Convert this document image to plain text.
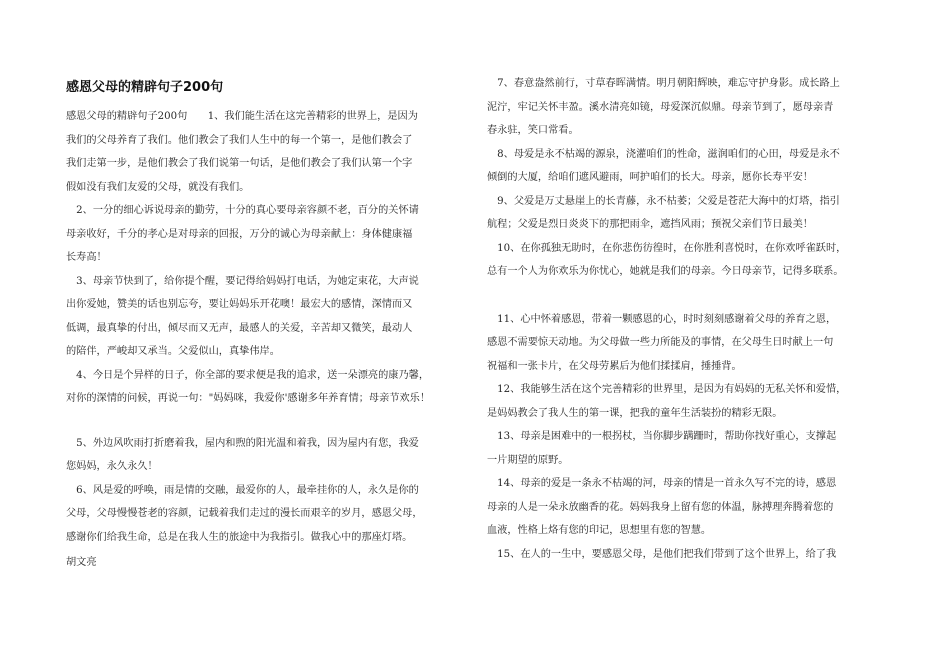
感恩父母的精辟句子200句

感恩父母的精辟句子200句　　1、我们能生活在这完善精彩的世界上，是因为
我们的父母养育了我们。他们教会了我们人生中的每一个第一，是他们教会了
我们走第一步，是他们教会了我们说第一句话，是他们教会了我们认第一个字
假如没有我们友爱的父母，就没有我们。

　2、一分的细心诉说母亲的勤劳，十分的真心要母亲容颜不老，百分的关怀请
母亲收好，千分的孝心是对母亲的回报，万分的诚心为母亲献上：身体健康福
长寿高！

　3、母亲节快到了，给你提个醒，要记得给妈妈打电话，为她定束花，大声说
出你爱她，赞美的话也别忘夸，要让妈妈乐开花噢！最宏大的感情，深情而又
低调，最真挚的付出，倾尽而又无声，最感人的关爱，辛苦却又微笑，最动人
的陪伴，严峻却又承当。父爱似山，真挚伟岸。

　4、今日是个异样的日子，你全部的要求便是我的追求，送一朵漂亮的康乃馨，
对你的深情的问候，再说一句："妈妈咪，我爱你'感谢多年养育情；母亲节欢乐！

　5、外边风吹雨打折磨着我，屋内和煦的阳光温和着我，因为屋内有您，我爱
您妈妈，永久永久！

　6、风是爱的呼唤，雨是情的交融，最爱你的人，最牵挂你的人，永久是你的
父母，父母慢慢苍老的容颜，记载着我们走过的漫长而艰辛的岁月，感恩父母，
感谢你们给我生命，总是在我人生的旅途中为我指引。做我心中的那座灯塔。

胡文亮

　7、春意盎然前行，寸草春晖满情。明月朝阳辉映，难忘守护身影。成长路上
泥泞，牢记关怀丰盈。溪水清亮如镜，母爱深沉似鼎。母亲节到了，愿母亲青
春永驻，笑口常看。

　8、母爱是永不枯竭的源泉，浇灌咱们的性命，滋润咱们的心田，母爱是永不
倾倒的大厦，给咱们遮风避雨，呵护咱们的长大。母亲，愿你长寿平安！

　9、父爱是万丈悬崖上的长青藤，永不枯萎；父爱是苍茫大海中的灯塔，指引
航程；父爱是烈日炎炎下的那把雨伞，遮挡风雨；预祝父亲们节日最美！

　10、在你孤独无助时，在你悲伤彷徨时，在你胜利喜悦时，在你欢呼雀跃时，
总有一个人为你欢乐为你忧心，她就是我们的母亲。今日母亲节，记得多联系。

　11、心中怀着感恩，带着一颗感恩的心，时时刻刻感谢着父母的养育之恩，
感恩不需要惊天动地。为父母做一些力所能及的事情，在父母生日时献上一句
祝福和一张卡片，在父母劳累后为他们揉揉肩，捶捶背。

　12、我能够生活在这个完善精彩的世界里，是因为有妈妈的无私关怀和爱惜，
是妈妈教会了我人生的第一课，把我的童年生活装扮的精彩无限。

　13、母亲是困难中的一根拐杖，当你脚步蹒跚时，帮助你找好重心，支撑起
一片期望的原野。

　14、母亲的爱是一条永不枯竭的河，母亲的情是一首永久写不完的诗，感恩
母亲的人是一朵永放幽香的花。妈妈我身上留有您的体温，脉搏理奔腾着您的
血液，性格上烙有您的印记，思想里有您的智慧。

　15、在人的一生中，要感恩父母，是他们把我们带到了这个世界上，给了我
